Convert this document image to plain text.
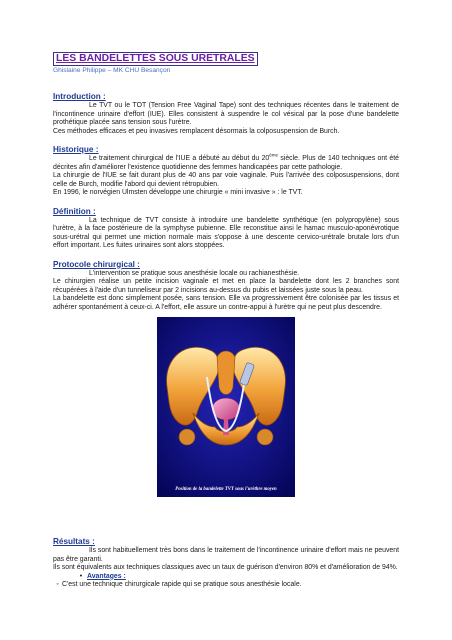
LES BANDELETTES SOUS URETRALES
Ghislaine Philippe – MK CHU Besançon
Introduction :

Le TVT ou le TOT (Tension Free Vaginal Tape) sont des techniques récentes dans le traitement de l'incontinence urinaire d'effort (IUE). Elles consistent à suspendre le col vésical par la pose d'une bandelette prothétique placée sans tension sous l'urètre.

Ces méthodes efficaces et peu invasives remplacent désormais la colposuspension de Burch.

Historique :

Le traitement chirurgical de l'IUE a débuté au début du 20ème siècle. Plus de 140 techniques ont été décrites afin d'améliorer l'existence quotidienne des femmes handicapées par cette pathologie.

La chirurgie de l'IUE se fait durant plus de 40 ans par voie vaginale. Puis l'arrivée des colposuspensions, dont celle de Burch, modifie l'abord qui devient rétropubien.

En 1996, le norvégien Ulmsten développe une chirurgie « mini invasive » : le TVT.

Définition :

La technique de TVT consiste à introduire une bandelette synthétique (en polypropylène) sous l'urètre, à la face postérieure de la symphyse pubienne. Elle reconstitue ainsi le hamac musculo-aponévrotique sous-urétral qui permet une miction normale mais s'oppose à une descente cervico-urétrale brutale lors d'un effort important. Les fuites urinaires sont alors stoppées.

Protocole chirurgical :

L'intervention se pratique sous anesthésie locale ou rachianesthésie.

Le chirurgien réalise un petite incision vaginale et met en place la bandelette dont les 2 branches sont récupérées à l'aide d'un tunneliseur par 2 incisions au-dessus du pubis et laissées juste sous la peau.

La bandelette est donc simplement posée, sans tension. Elle va progressivement être colonisée par les tissus et adhérer spontanément à ceux-ci. A l'effort, elle assure un contre-appui à l'urètre qui ne peut plus descendre.

Position de la bandelette TVT sous l'urèthre moyen
Résultats :

Ils sont habituellement très bons dans le traitement de l'incontinence urinaire d'effort mais ne peuvent pas être garanti.

Ils sont équivalents aux techniques classiques avec un taux de guérison d'environ 80% et d'amélioration de 94%.

• Avantages :
◦ C'est une technique chirurgicale rapide qui se pratique sous anesthésie locale.
